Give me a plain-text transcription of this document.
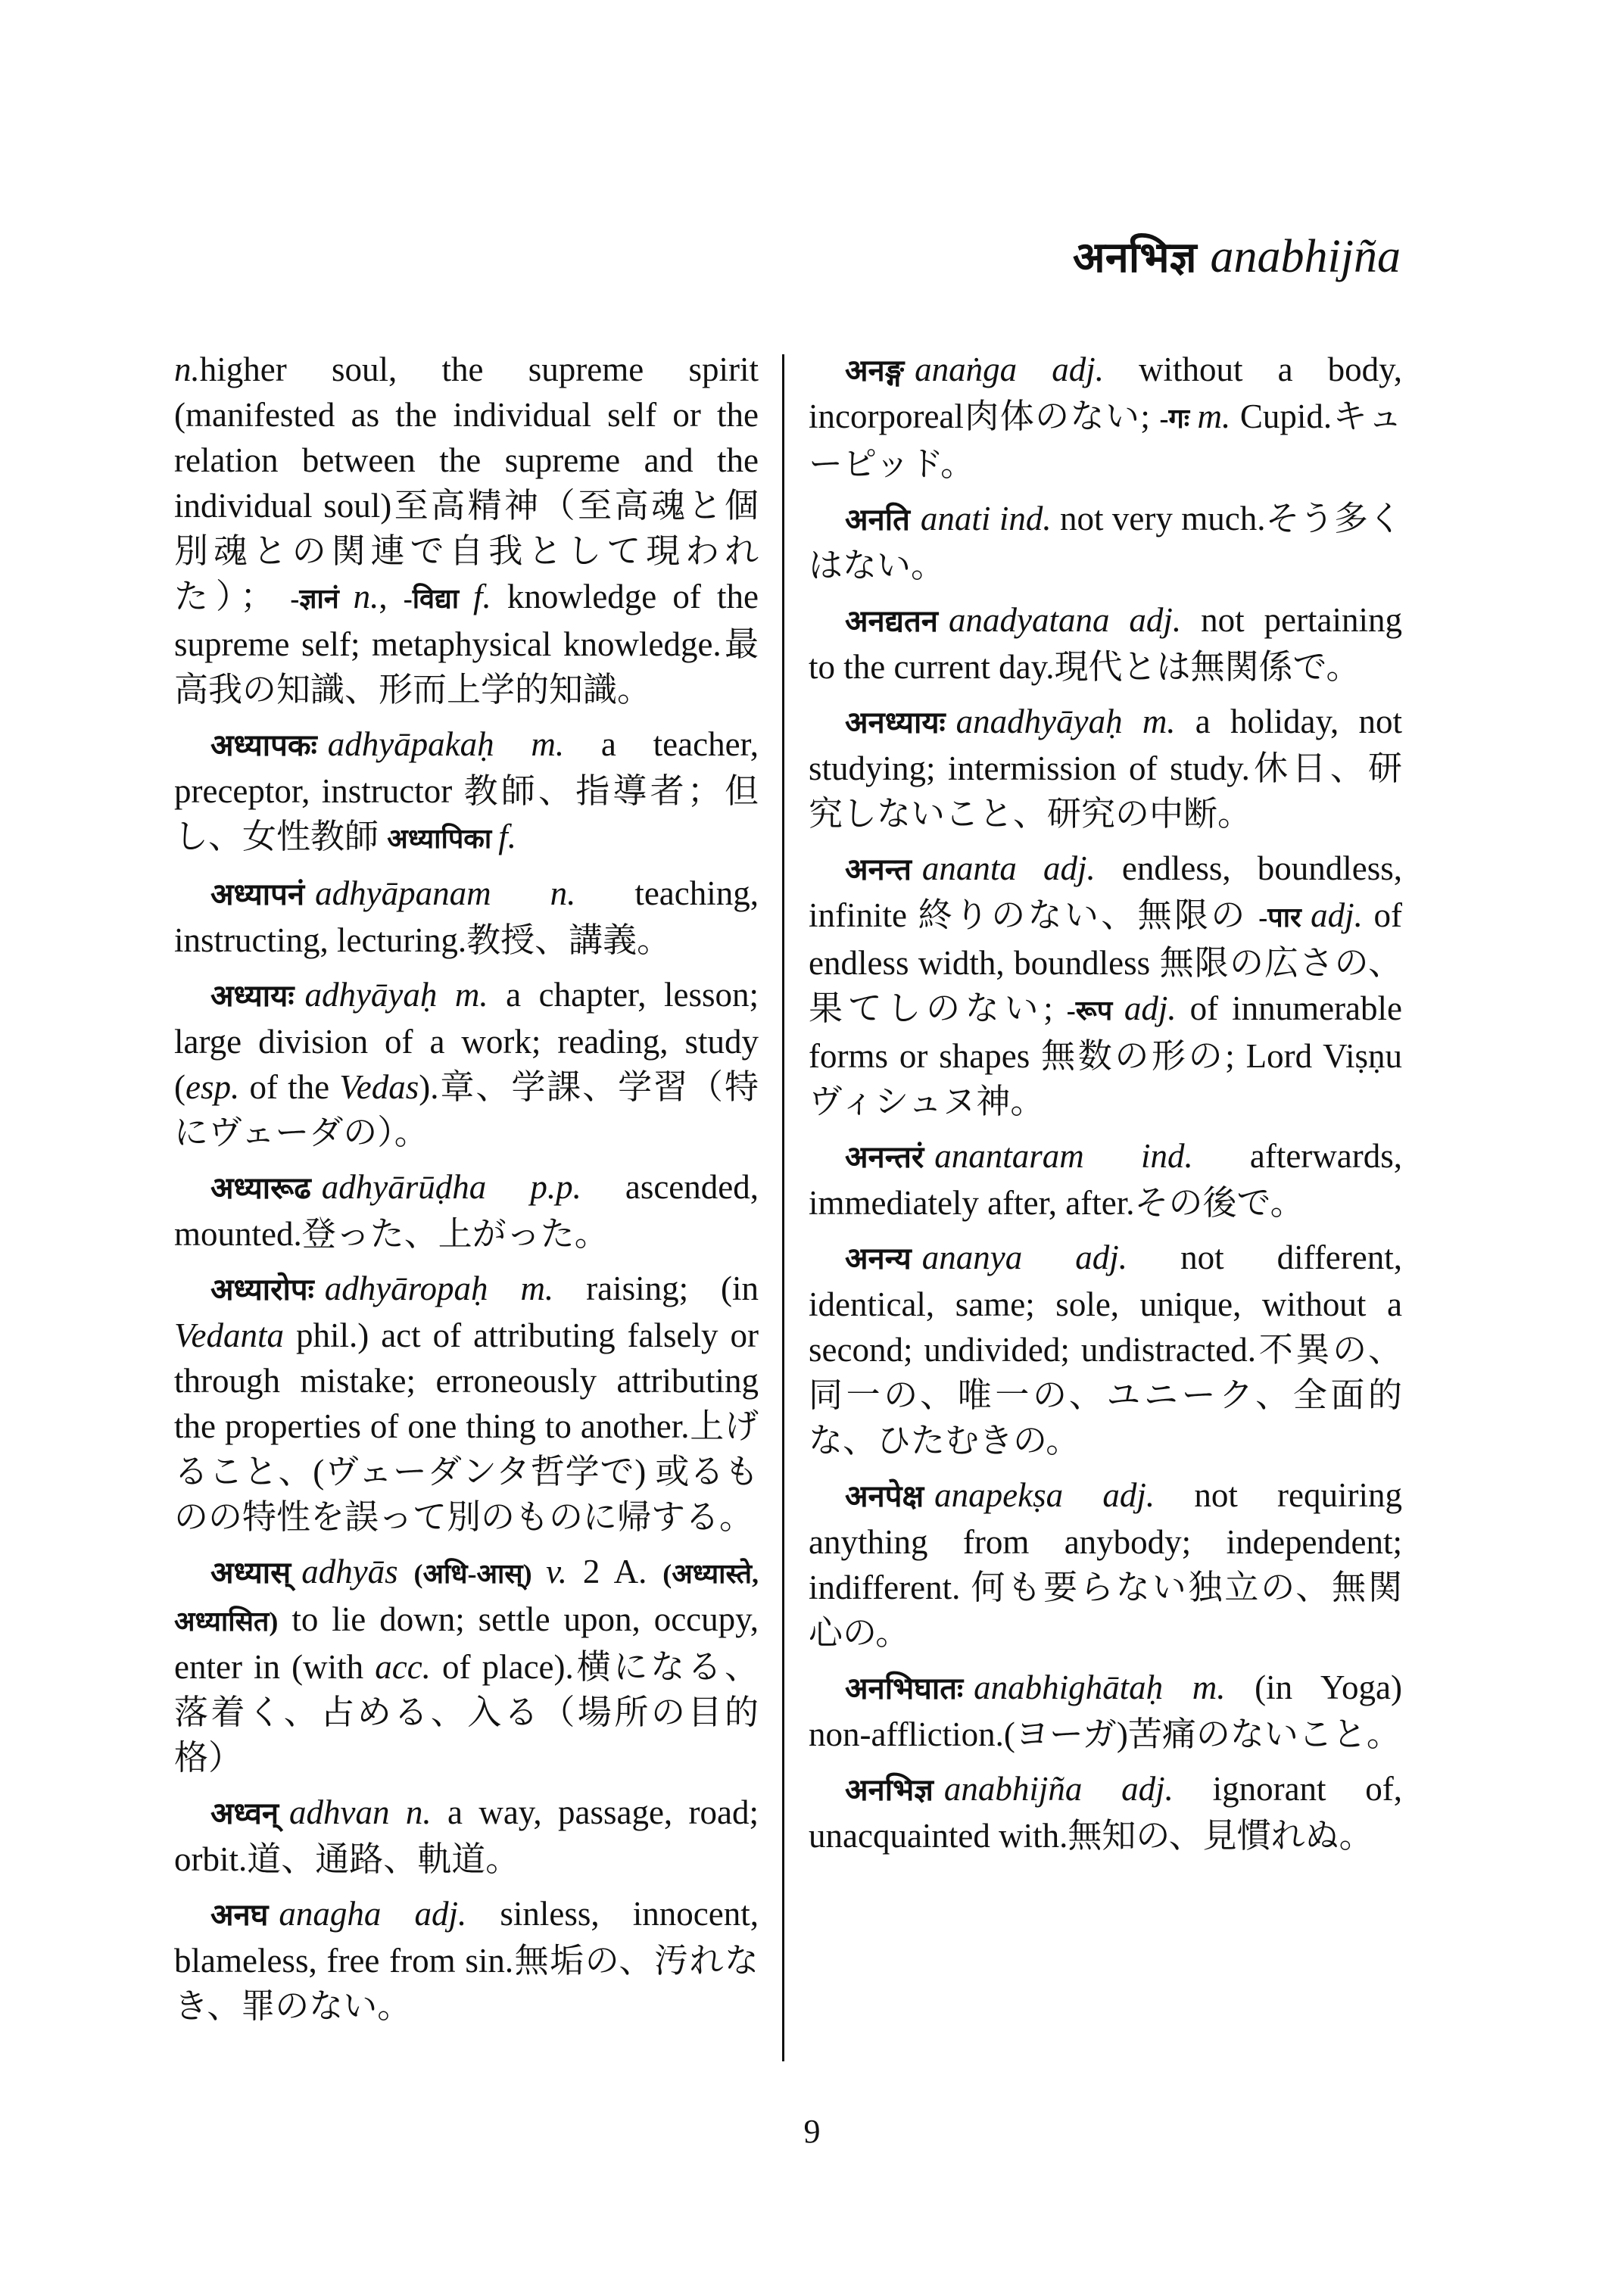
अनभिज्ञ anabhijña

n.higher soul, the supreme spirit (manifested as the individual self or the relation between the supreme and the individual soul)至高精神（至高魂と個別魂との関連で自我として現われた）； -ज्ञानं n., -विद्या f. knowledge of the supreme self; metaphysical knowledge.最高我の知識、形而上学的知識。

अध्यापकः adhyāpakaḥ m. a teacher, preceptor, instructor 教師、指導者；但し、女性教師 अध्यापिका f.

अध्यापनं adhyāpanam n. teaching, instructing, lecturing.教授、講義。

अध्यायः adhyāyaḥ m. a chapter, lesson; large division of a work; reading, study (esp. of the Vedas).章、学課、学習（特にヴェーダの）。

अध्यारूढ adhyārūḍha p.p. ascended, mounted.登った、上がった。

अध्यारोपः adhyāropaḥ m. raising; (in Vedanta phil.) act of attributing falsely or through mistake; erroneously attributing the properties of one thing to another.上げること、(ヴェーダンタ哲学で) 或るものの特性を誤って別のものに帰する。

अध्यास् adhyās (अधि-आस्) v. 2 A. (अध्यास्ते, अध्यासित) to lie down; settle upon, occupy, enter in (with acc. of place).横になる、落着く、占める、入る（場所の目的格）

अध्वन् adhvan n. a way, passage, road; orbit.道、通路、軌道。

अनघ anagha adj. sinless, innocent, blameless, free from sin.無垢の、汚れなき、罪のない。

अनङ्ग anaṅga adj. without a body, incorporeal肉体のない; -गः m. Cupid.キューピッド。

अनति anati ind. not very much.そう多くはない。

अनद्यतन anadyatana adj. not pertaining to the current day.現代とは無関係で。

अनध्यायः anadhyāyaḥ m. a holiday, not studying; intermission of study.休日、研究しないこと、研究の中断。

अनन्त ananta adj. endless, boundless, infinite 終りのない、無限の -पार adj. of endless width, boundless 無限の広さの、果てしのない; -रूप adj. of innumerable forms or shapes 無数の形の; Lord Viṣṇu ヴィシュヌ神。

अनन्तरं anantaram ind. afterwards, immediately after, after.その後で。

अनन्य ananya adj. not different, identical, same; sole, unique, without a second; undivided; undistracted.不異の、同一の、唯一の、ユニーク、全面的な、ひたむきの。

अनपेक्ष anapekṣa adj. not requiring anything from anybody; independent; indifferent. 何も要らない独立の、無関心の。

अनभिघातः anabhighātaḥ m. (in Yoga) non-affliction.(ヨーガ)苦痛のないこと。

अनभिज्ञ anabhijña adj. ignorant of, unacquainted with.無知の、見慣れぬ。

9
